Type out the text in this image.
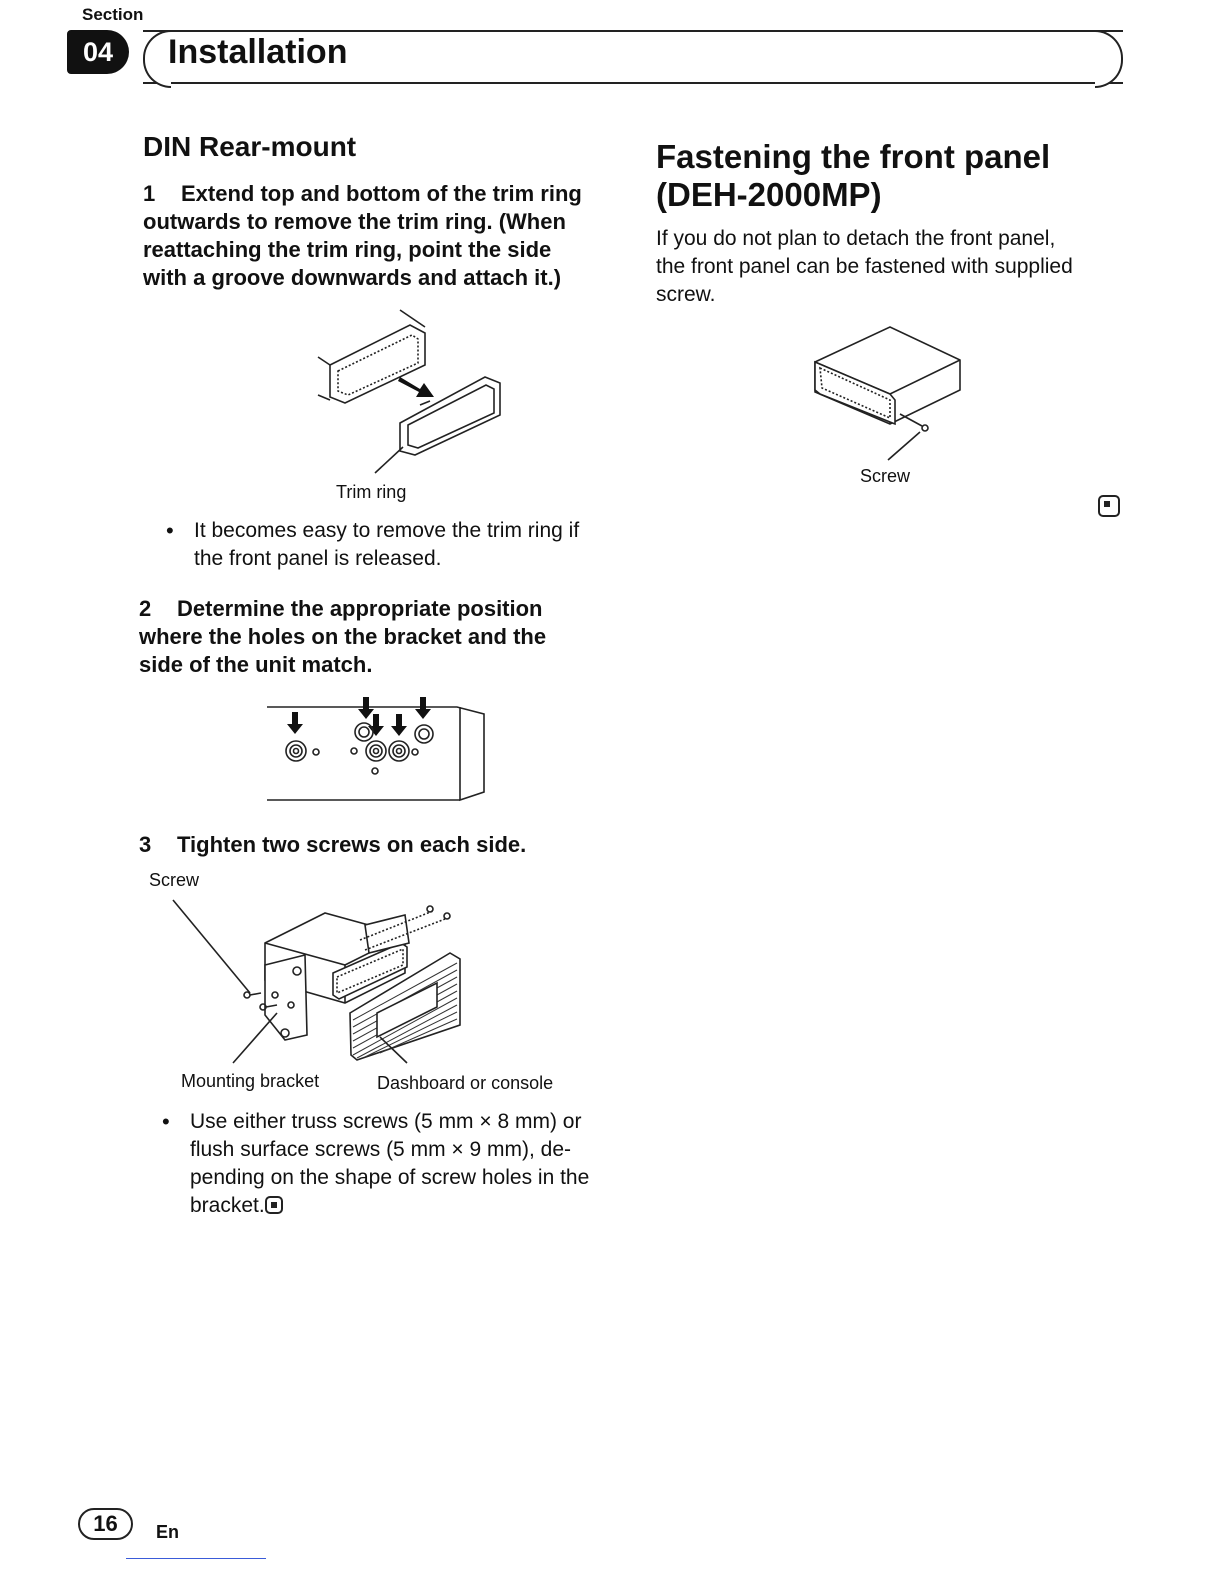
Section
04	Installation
DIN Rear-mount
1 Extend top and bottom of the trim ring
outwards to remove the trim ring. (When
reattaching the trim ring, point the side
with a groove downwards and attach it.)
Trim ring
• It becomes easy to remove the trim ring if
the front panel is released.
2 Determine the appropriate position
where the holes on the bracket and the
side of the unit match.
3 Tighten two screws on each side.
Screw
Mounting bracket	Dashboard or console
• Use either truss screws (5 mm × 8 mm) or
flush surface screws (5 mm × 9 mm), de-
pending on the shape of screw holes in the
bracket.
Fastening the front panel
(DEH-2000MP)
If you do not plan to detach the front panel,
the front panel can be fastened with supplied
screw.
Screw
16	En
